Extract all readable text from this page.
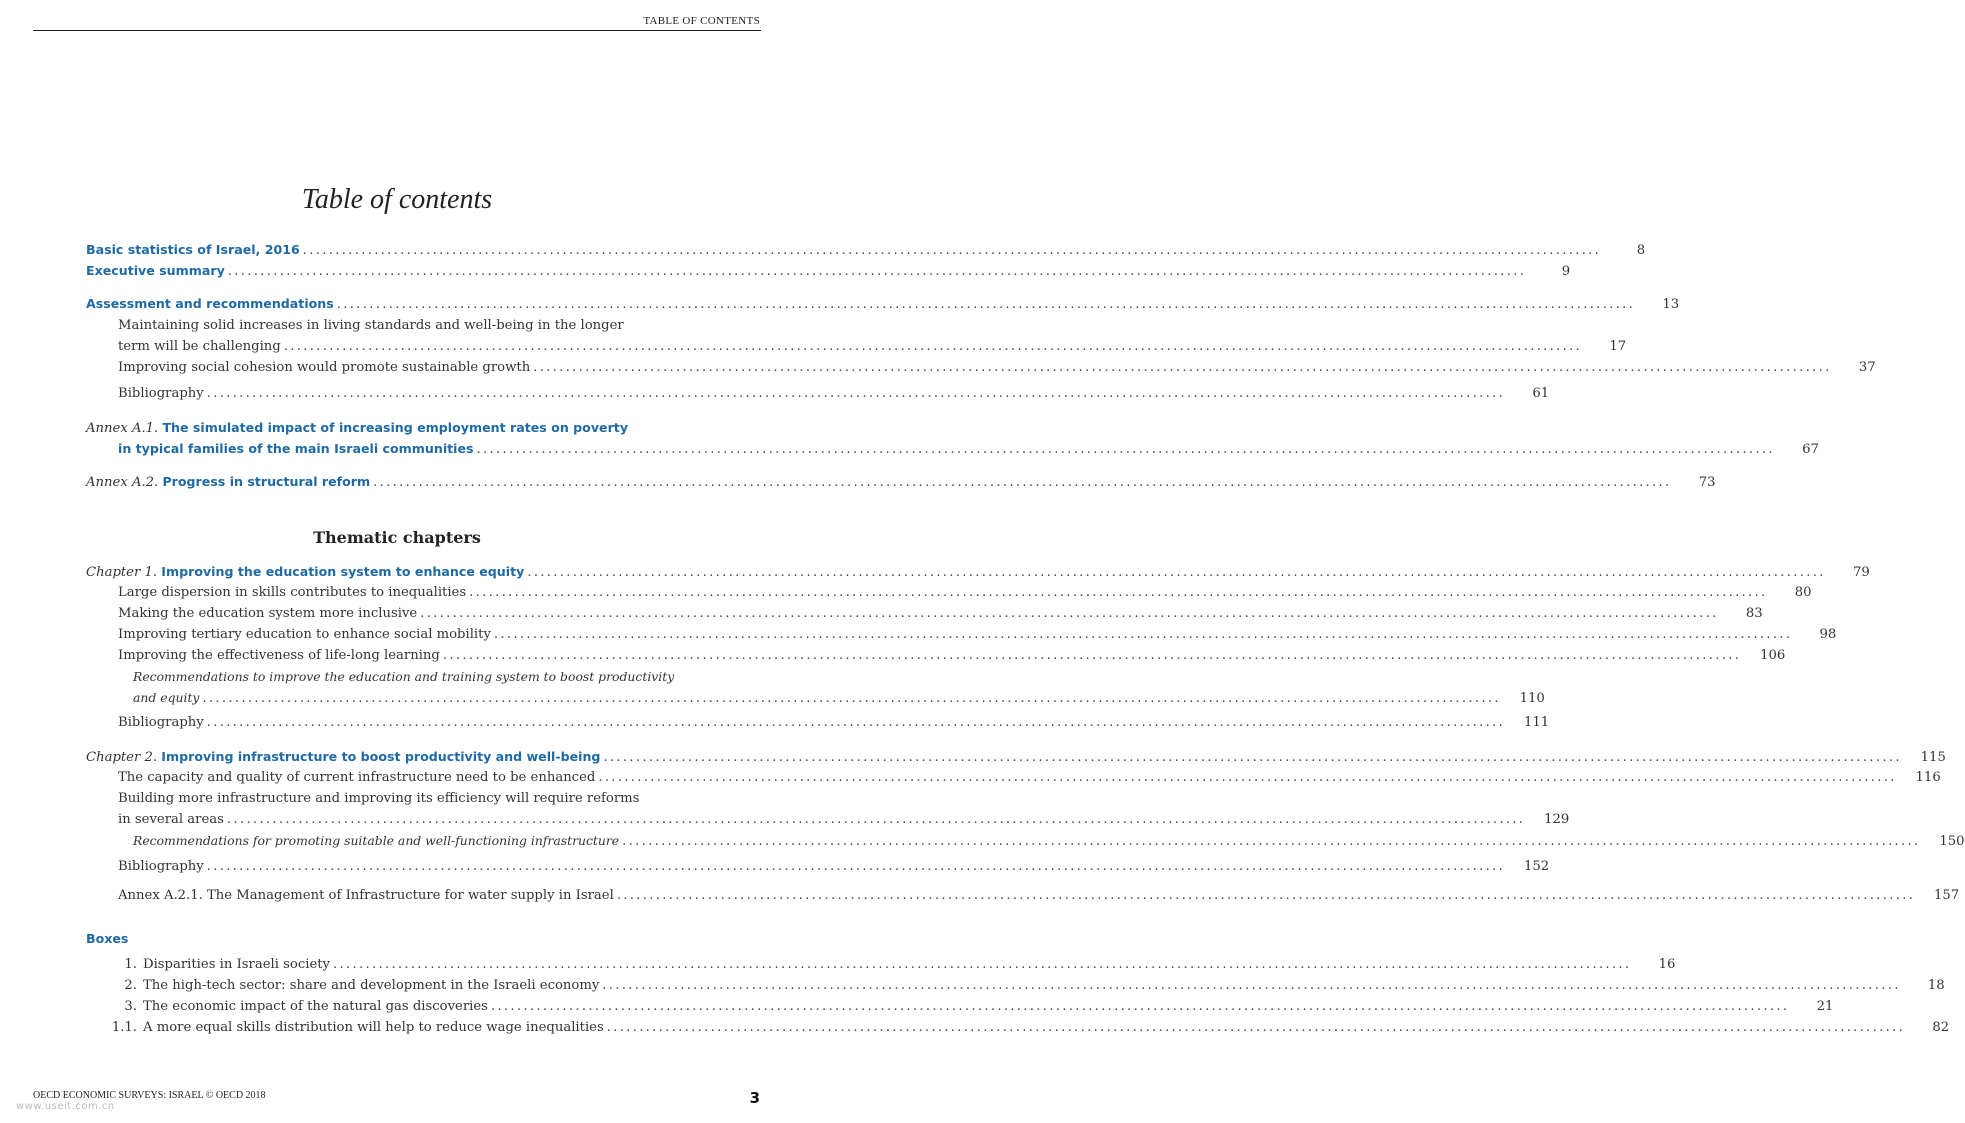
TABLE OF CONTENTS
Table of contents
Basic statistics of Israel, 2016 ........................................................................................................................................................................................................	8
Executive summary ........................................................................................................................................................................................................	9
Assessment and recommendations ........................................................................................................................................................................................................	13
Maintaining solid increases in living standards and well-being in the longer
term will be challenging ........................................................................................................................................................................................................	17
Improving social cohesion would promote sustainable growth ........................................................................................................................................................................................................	37
Bibliography ........................................................................................................................................................................................................	61
Annex A.1. The simulated impact of increasing employment rates on poverty
in typical families of the main Israeli communities ........................................................................................................................................................................................................	67
Annex A.2. Progress in structural reform ........................................................................................................................................................................................................	73
Thematic chapters
Chapter 1. Improving the education system to enhance equity ........................................................................................................................................................................................................	79
Large dispersion in skills contributes to inequalities ........................................................................................................................................................................................................	80
Making the education system more inclusive ........................................................................................................................................................................................................	83
Improving tertiary education to enhance social mobility ........................................................................................................................................................................................................	98
Improving the effectiveness of life-long learning ........................................................................................................................................................................................................	106
Recommendations to improve the education and training system to boost productivity
and equity ........................................................................................................................................................................................................	110
Bibliography ........................................................................................................................................................................................................	111
Chapter 2. Improving infrastructure to boost productivity and well-being ........................................................................................................................................................................................................	115
The capacity and quality of current infrastructure need to be enhanced ........................................................................................................................................................................................................	116
Building more infrastructure and improving its efficiency will require reforms
in several areas ........................................................................................................................................................................................................	129
Recommendations for promoting suitable and well-functioning infrastructure ........................................................................................................................................................................................................	150
Bibliography ........................................................................................................................................................................................................	152
Annex A.2.1. The Management of Infrastructure for water supply in Israel ........................................................................................................................................................................................................	157
Boxes
1. Disparities in Israeli society ........................................................................................................................................................................................................	16
2. The high-tech sector: share and development in the Israeli economy ........................................................................................................................................................................................................	18
3. The economic impact of the natural gas discoveries ........................................................................................................................................................................................................	21
1.1. A more equal skills distribution will help to reduce wage inequalities ........................................................................................................................................................................................................	82
OECD ECONOMIC SURVEYS: ISRAEL © OECD 2018
www.useit.com.cn	3
